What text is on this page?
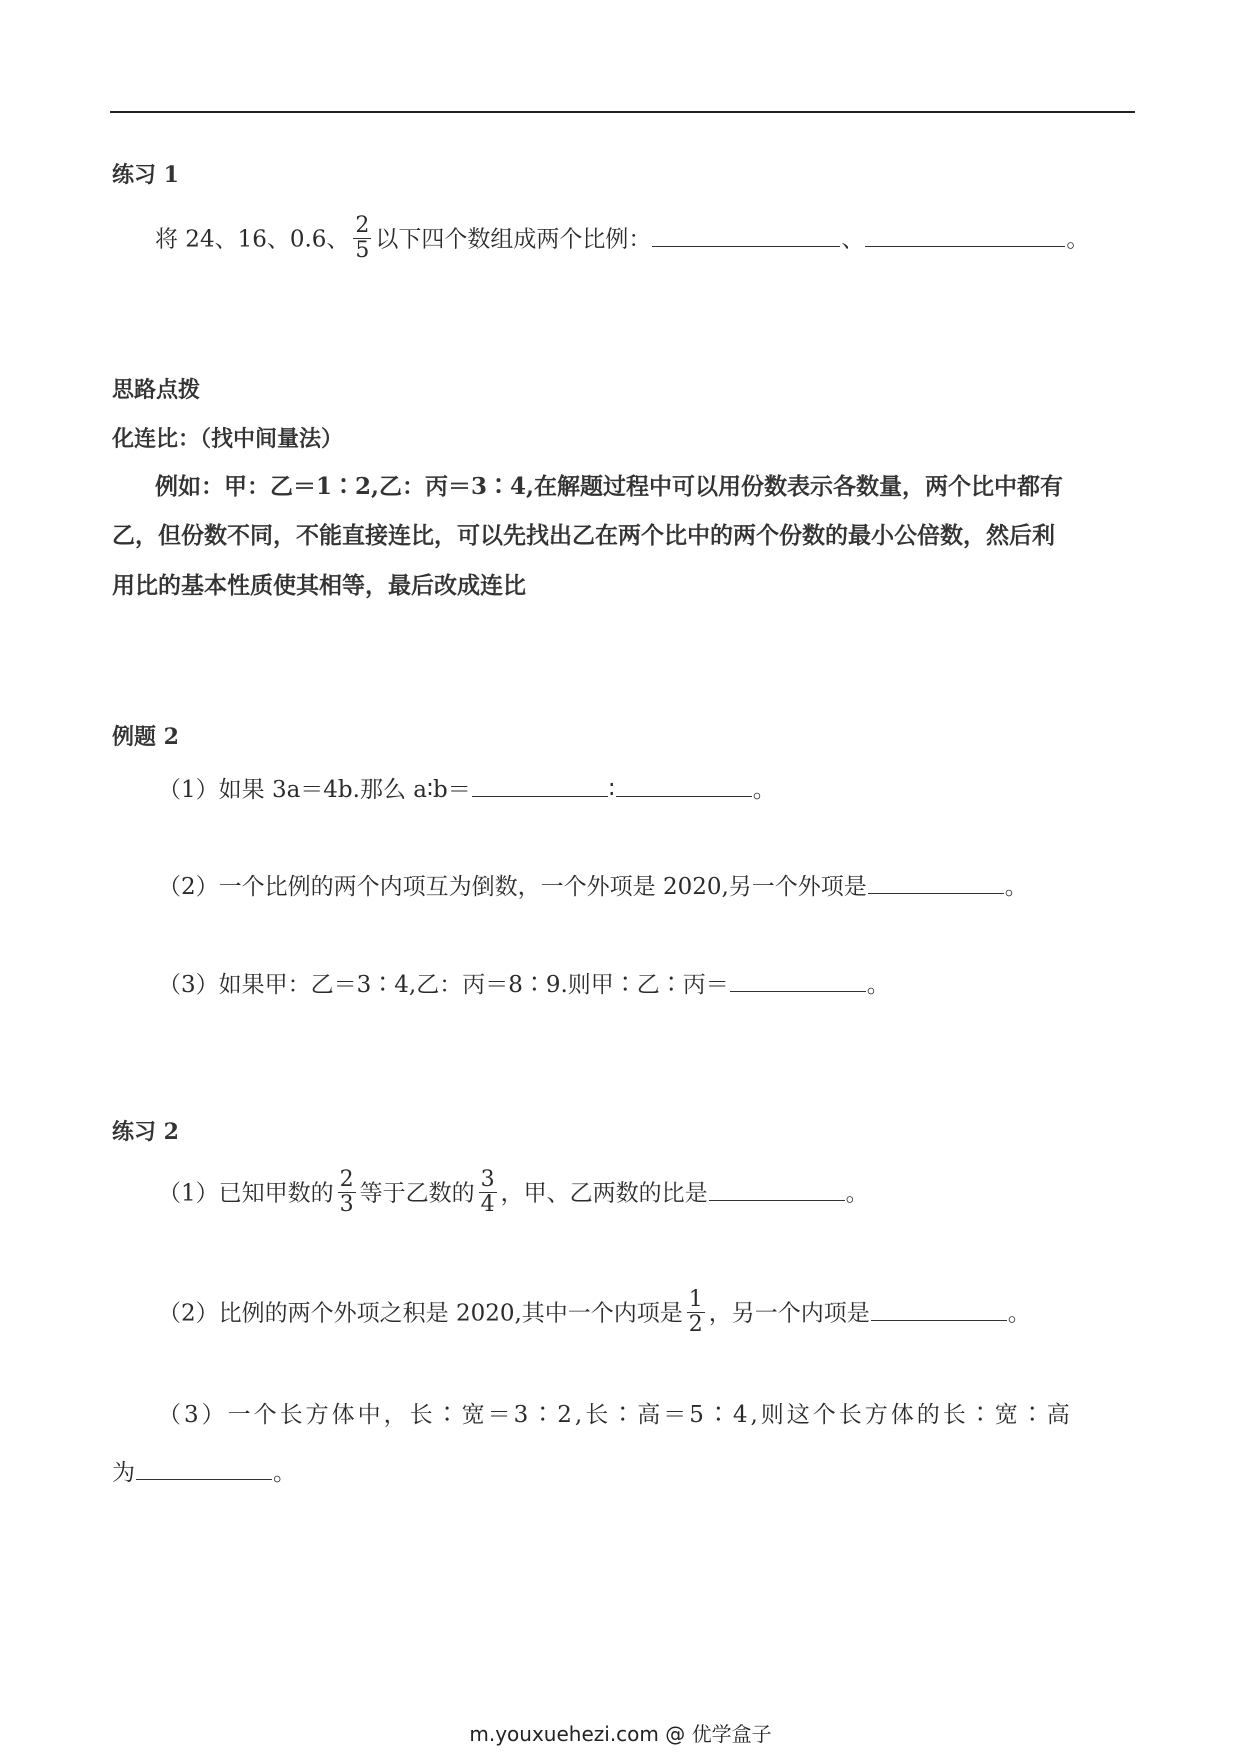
练习 1
将 24、16、0.6、 $\frac{2}{5}$ 以下四个数组成两个比例：	、	。
思路点拨
化连比：（找中间量法）
例如：甲：乙＝1∶2,乙：丙＝3∶4,在解题过程中可以用份数表示各数量，两个比中都有
乙，但份数不同，不能直接连比，可以先找出乙在两个比中的两个份数的最小公倍数，然后利
用比的基本性质使其相等，最后改成连比
例题 2
（1）如果 3a＝4b.那么 a∶b＝	∶	。
（2）一个比例的两个内项互为倒数，一个外项是 2020,另一个外项是	。
（3）如果甲：乙＝3∶4,乙：丙＝8∶9.则甲∶乙∶丙＝	。
练习 2
（1）已知甲数的 $\frac{2}{3}$ 等于乙数的 $\frac{3}{4}$ ，甲、乙两数的比是	。
（2）比例的两个外项之积是 2020,其中一个内项是 $\frac{1}{2}$ ，另一个内项是	。
（3）一个长方体中，长∶宽＝3∶2,长∶高＝5∶4,则这个长方体的长∶宽∶高
为	。
m.youxuehezi.com @ 优学盒子
